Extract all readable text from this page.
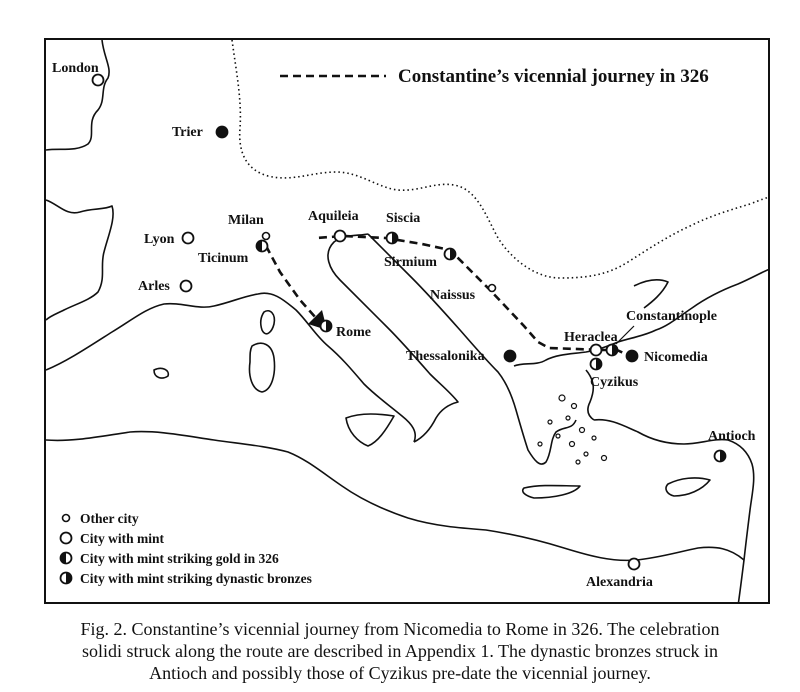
Constantine’s vicennial journey in 326
London
Trier
Lyon
Arles
Milan
Ticinum
Aquileia Siscia
Sirmium
Naissus
Rome
Thessalonika
Heraclea
Constantinople
Nicomedia
Cyzikus
Antioch
Alexandria
Other city
City with mint
City with mint striking gold in 326
City with mint striking dynastic bronzes
Fig. 2. Constantine’s vicennial journey from Nicomedia to Rome in 326. The celebration
solidi struck along the route are described in Appendix 1. The dynastic bronzes struck in
Antioch and possibly those of Cyzikus pre-date the vicennial journey.
